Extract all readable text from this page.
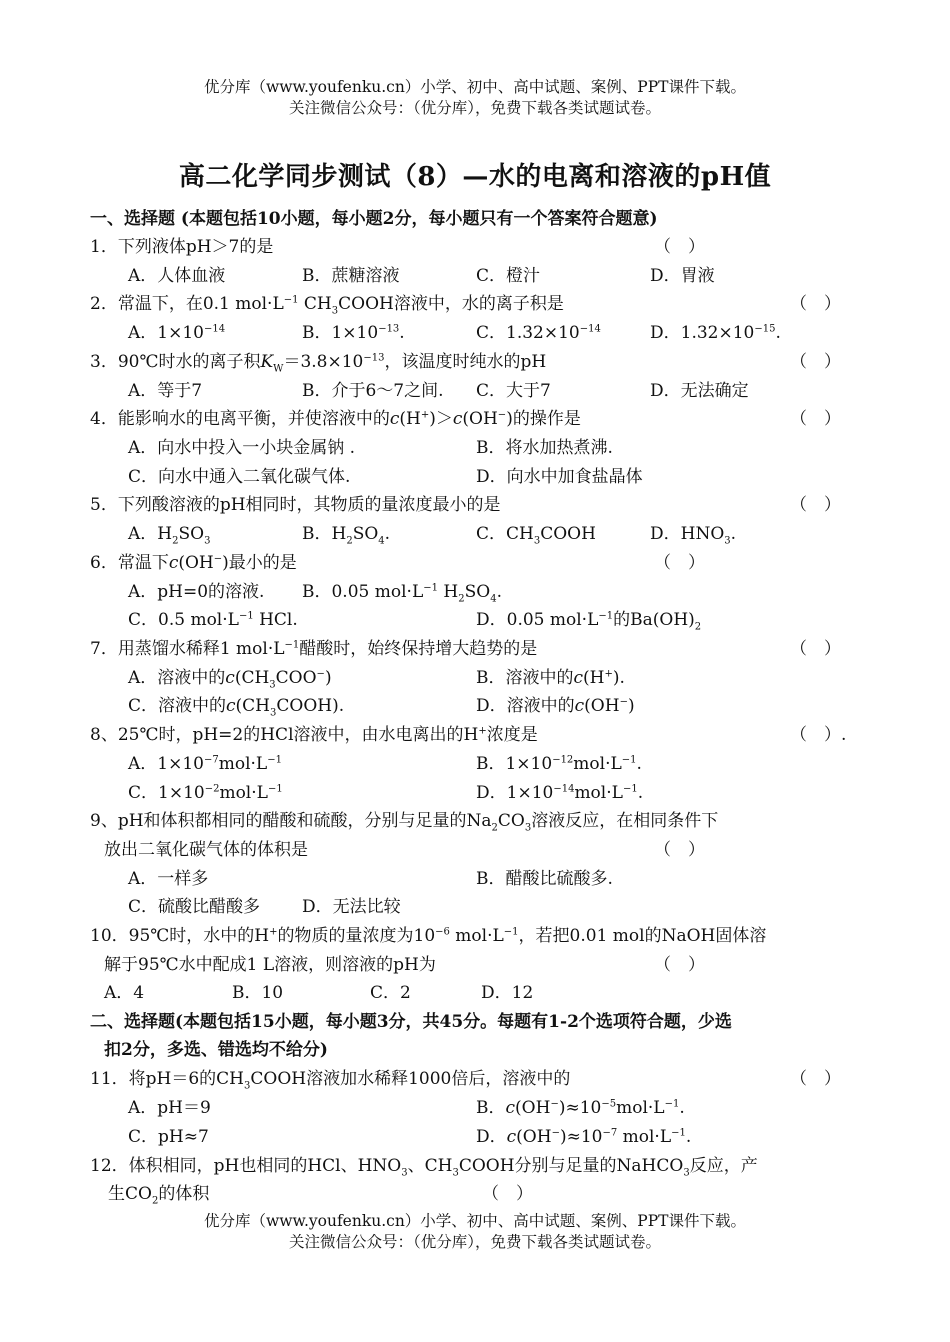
优分库（www.youfenku.cn）小学、初中、高中试题、案例、PPT课件下载。
关注微信公众号：（优分库），免费下载各类试题试卷。
高二化学同步测试（8）—水的电离和溶液的pH值
一、选择题 (本题包括10小题，每小题2分，每小题只有一个答案符合题意)
1．下列液体pH＞7的是	（　）
A．人体血液	B．蔗糖溶液	C．橙汁	D．胃液
2．常温下，在0.1 $mol\cdot L^{-1}$ $CH_3COOH$溶液中，水的离子积是	（　）
A．$1\times 10^{-14}$	B．$1\times 10^{-13}$.	C．$1.32\times 10^{-14}$	D．$1.32\times 10^{-15}$.
3．90℃时水的离子积$K_W=3.8\times 10^{-13}$，该温度时纯水的pH	（　）
A．等于7	B．介于6～7之间. C．大于7	D．无法确定
4．能影响水的电离平衡，并使溶液中的c(H+)＞c(OH−)的操作是	（　）
A．向水中投入一小块金属钠 .	B．将水加热煮沸.
C．向水中通入二氧化碳气体.	D．向水中加食盐晶体
5．下列酸溶液的pH相同时，其物质的量浓度最小的是	（　）
A．$H_2SO_3$	B．$H_2SO_4$.	C．$CH_3COOH$	D．$HNO_3$.
6．常温下c(OH−)最小的是	（　）
A．pH=0的溶液. B．0.05 $mol\cdot L^{-1}$ $H_2SO_4$.
C．0.5 $mol\cdot L^{-1}$ HCl.	D．0.05 $mol\cdot L^{-1}$的$Ba(OH)_2$
7．用蒸馏水稀释1 $mol\cdot L^{-1}$醋酸时，始终保持增大趋势的是	（　）
A．溶液中的$c(CH_3COO^-)$	B．溶液中的c(H+).
C．溶液中的$c(CH_3COOH)$.	D．溶液中的c(OH−)
8、25℃时，pH=2的HCl溶液中，由水电离出的H+浓度是	（　）.
A．$1\times 10^{-7}mol\cdot L^{-1}$	B．$1\times 10^{-12}mol\cdot L^{-1}$.
C．$1\times 10^{-2}mol\cdot L^{-1}$	D．$1\times 10^{-14}mol\cdot L^{-1}$.
9、pH和体积都相同的醋酸和硫酸，分别与足量的$Na_2CO_3$溶液反应，在相同条件下
放出二氧化碳气体的体积是	（　）
A．一样多	B．醋酸比硫酸多.
C．硫酸比醋酸多 D．无法比较
10．95℃时，水中的H+的物质的量浓度为$10^{-6}$ $mol\cdot L^{-1}$，若把0.01 mol的NaOH固体溶
解于95℃水中配成1 L溶液，则溶液的pH为	（　）
A．4	B．10	C．2	D．12
二、选择题(本题包括15小题，每小题3分，共45分。每题有1-2个选项符合题，少选
扣2分，多选、错选均不给分)
11．将pH＝6的$CH_3COOH$溶液加水稀释1000倍后，溶液中的	（　）
A．pH＝9	B．$c(OH^-)\approx 10^{-5}mol\cdot L^{-1}$.
C．pH≈7	D．$c(OH^-)\approx 10^{-7}$ $mol\cdot L^{-1}$.
12．体积相同，pH也相同的HCl、$HNO_3$、$CH_3COOH$分别与足量的NaHCO$_3$反应，产
生$CO_2$的体积	（　）
优分库（www.youfenku.cn）小学、初中、高中试题、案例、PPT课件下载。
关注微信公众号：（优分库），免费下载各类试题试卷。
